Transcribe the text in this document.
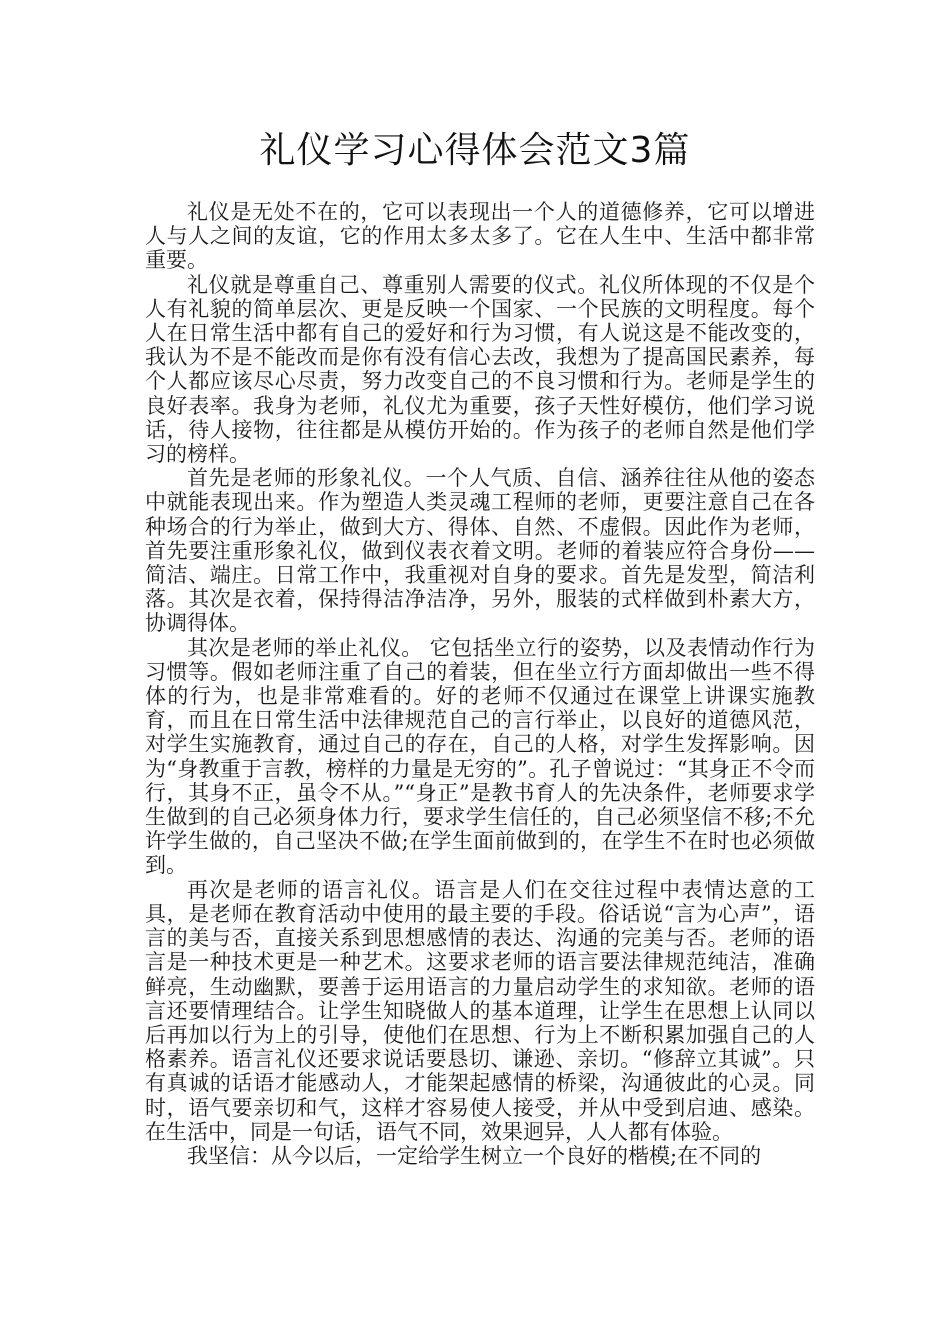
礼仪学习心得体会范文3篇

礼仪是无处不在的，它可以表现出一个人的道德修养，它可以增进人与人之间的友谊，它的作用太多太多了。它在人生中、生活中都非常重要。

礼仪就是尊重自己、尊重别人需要的仪式。礼仪所体现的不仅是个人有礼貌的简单层次、更是反映一个国家、一个民族的文明程度。每个人在日常生活中都有自己的爱好和行为习惯，有人说这是不能改变的，我认为不是不能改而是你有没有信心去改，我想为了提高国民素养，每个人都应该尽心尽责，努力改变自己的不良习惯和行为。老师是学生的良好表率。我身为老师，礼仪尤为重要，孩子天性好模仿，他们学习说话，待人接物，往往都是从模仿开始的。作为孩子的老师自然是他们学习的榜样。

首先是老师的形象礼仪。一个人气质、自信、涵养往往从他的姿态中就能表现出来。作为塑造人类灵魂工程师的老师，更要注意自己在各种场合的行为举止，做到大方、得体、自然、不虚假。因此作为老师，首先要注重形象礼仪，做到仪表衣着文明。老师的着装应符合身份——简洁、端庄。日常工作中，我重视对自身的要求。首先是发型，简洁利落。其次是衣着，保持得洁净洁净，另外，服装的式样做到朴素大方，协调得体。

其次是老师的举止礼仪。 它包括坐立行的姿势，以及表情动作行为习惯等。假如老师注重了自己的着装，但在坐立行方面却做出一些不得体的行为，也是非常难看的。好的老师不仅通过在课堂上讲课实施教育，而且在日常生活中法律规范自己的言行举止，以良好的道德风范，对学生实施教育，通过自己的存在，自己的人格，对学生发挥影响。因为“身教重于言教，榜样的力量是无穷的”。孔子曾说过：“其身正不令而行，其身不正，虽令不从。”“身正”是教书育人的先决条件，老师要求学生做到的自己必须身体力行，要求学生信任的，自己必须坚信不移;不允许学生做的，自己坚决不做;在学生面前做到的，在学生不在时也必须做到。

再次是老师的语言礼仪。语言是人们在交往过程中表情达意的工具，是老师在教育活动中使用的最主要的手段。俗话说“言为心声”，语言的美与否，直接关系到思想感情的表达、沟通的完美与否。老师的语言是一种技术更是一种艺术。这要求老师的语言要法律规范纯洁，准确鲜亮，生动幽默，要善于运用语言的力量启动学生的求知欲。老师的语言还要情理结合。让学生知晓做人的基本道理，让学生在思想上认同以后再加以行为上的引导，使他们在思想、行为上不断积累加强自己的人格素养。语言礼仪还要求说话要恳切、谦逊、亲切。“修辞立其诚”。只有真诚的话语才能感动人，才能架起感情的桥梁，沟通彼此的心灵。同时，语气要亲切和气，这样才容易使人接受，并从中受到启迪、感染。在生活中，同是一句话，语气不同，效果迥异，人人都有体验。

我坚信：从今以后，一定给学生树立一个良好的楷模;在不同的
